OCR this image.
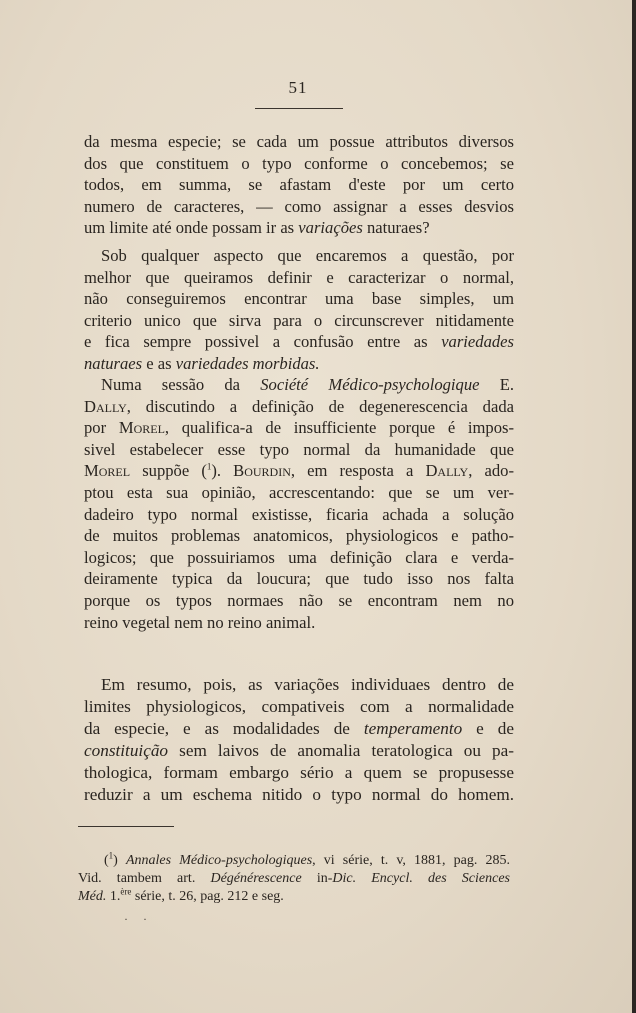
51
da mesma especie; se cada um possue attributos diversos
dos que constituem o typo conforme o concebemos; se
todos, em summa, se afastam d'este por um certo
numero de caracteres, — como assignar a esses desvios
um limite até onde possam ir as variações naturaes?
Sob qualquer aspecto que encaremos a questão, por
melhor que queiramos definir e caracterizar o normal,
não conseguiremos encontrar uma base simples, um
criterio unico que sirva para o circunscrever nitidamente
e fica sempre possivel a confusão entre as variedades
naturaes e as variedades morbidas.
Numa sessão da Société Médico-psychologique E.
Dally, discutindo a definição de degenerescencia dada
por Morel, qualifica-a de insufficiente porque é impos-
sivel estabelecer esse typo normal da humanidade que
Morel suppõe ($^1$). Bourdin, em resposta a Dally, ado-
ptou esta sua opinião, accrescentando: que se um ver-
dadeiro typo normal existisse, ficaria achada a solução
de muitos problemas anatomicos, physiologicos e patho-
logicos; que possuiriamos uma definição clara e verda-
deiramente typica da loucura; que tudo isso nos falta
porque os typos normaes não se encontram nem no
reino vegetal nem no reino animal.
Em resumo, pois, as variações individuaes dentro de
limites physiologicos, compativeis com a normalidade
da especie, e as modalidades de temperamento e de
constituição sem laivos de anomalia teratologica ou pa-
thologica, formam embargo sério a quem se propusesse
reduzir a um eschema nitido o typo normal do homem.
($^1$) Annales Médico-psychologiques, vi série, t. v, 1881, pag. 285.
Vid. tambem art. Dégénérescence in-Dic. Encycl. des Sciences
Méd. 1.$^{ère}$ série, t. 26, pag. 212 e seg.
· ·
